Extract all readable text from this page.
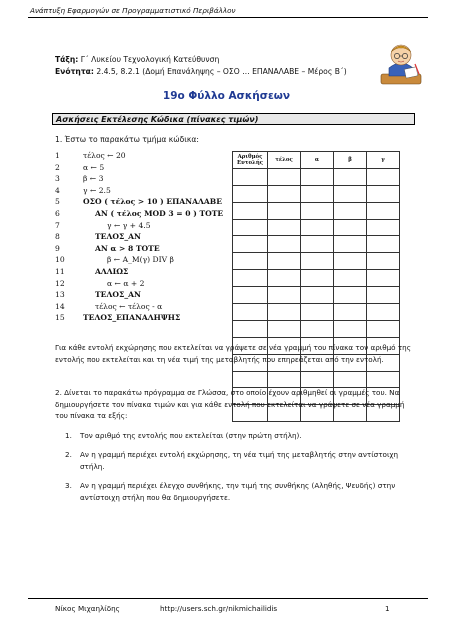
Ανάπτυξη Εφαρμογών σε Προγραμματιστικό Περιβάλλον
Τάξη: Γ΄ Λυκείου Τεχνολογική Κατεύθυνση
Ενότητα: 2.4.5, 8.2.1 (Δομή Επανάληψης – ΟΣΟ … ΕΠΑΝΑΛΑΒΕ – Μέρος Β΄)
19ο Φύλλο Ασκήσεων
Ασκήσεις Εκτέλεσης Κώδικα (πίνακες τιμών)
1. Έστω το παρακάτω τμήμα κώδικα:
1	τέλος ← 20
2	α ← 5
3	β ← 3
4	γ ← 2.5
5	ΟΣΟ ( τέλος > 10 ) ΕΠΑΝΑΛΑΒΕ
6	ΑΝ ( τέλος MOD 3 = 0 ) ΤΟΤΕ
7	γ ← γ + 4.5
8	ΤΕΛΟΣ_ΑΝ
9	ΑΝ α > 8 ΤΟΤΕ
10	β ← Α_Μ(γ) DIV β
11	ΑΛΛΙΩΣ
12	α ← α + 2
13	ΤΕΛΟΣ_ΑΝ
14	τέλος ← τέλος - α
15	ΤΕΛΟΣ_ΕΠΑΝΑΛΗΨΗΣ
Αριθμός Εντολής	τέλος	α	β	γ

Για κάθε εντολή εκχώρησης που εκτελείται να γράψετε σε νέα γραμμή του πίνακα τον αριθμό της εντολής που εκτελείται και τη νέα τιμή της μεταβλητής που επηρεάζεται από την εντολή.
2. Δίνεται το παρακάτω πρόγραμμα σε Γλώσσα, στο οποίο έχουν αριθμηθεί οι γραμμές του. Να δημιουργήσετε τον πίνακα τιμών και για κάθε εντολή που εκτελείται να γράψετε σε νέα γραμμή του πίνακα τα εξής:
1. Τον αριθμό της εντολής που εκτελείται (στην πρώτη στήλη).
2. Αν η γραμμή περιέχει εντολή εκχώρησης, τη νέα τιμή της μεταβλητής στην αντίστοιχη στήλη.
3. Αν η γραμμή περιέχει έλεγχο συνθήκης, την τιμή της συνθήκης (Αληθής, Ψευδής) στην αντίστοιχη στήλη που θα δημιουργήσετε.
Νίκος Μιχαηλίδης	http://users.sch.gr/nikmichailidis	1
